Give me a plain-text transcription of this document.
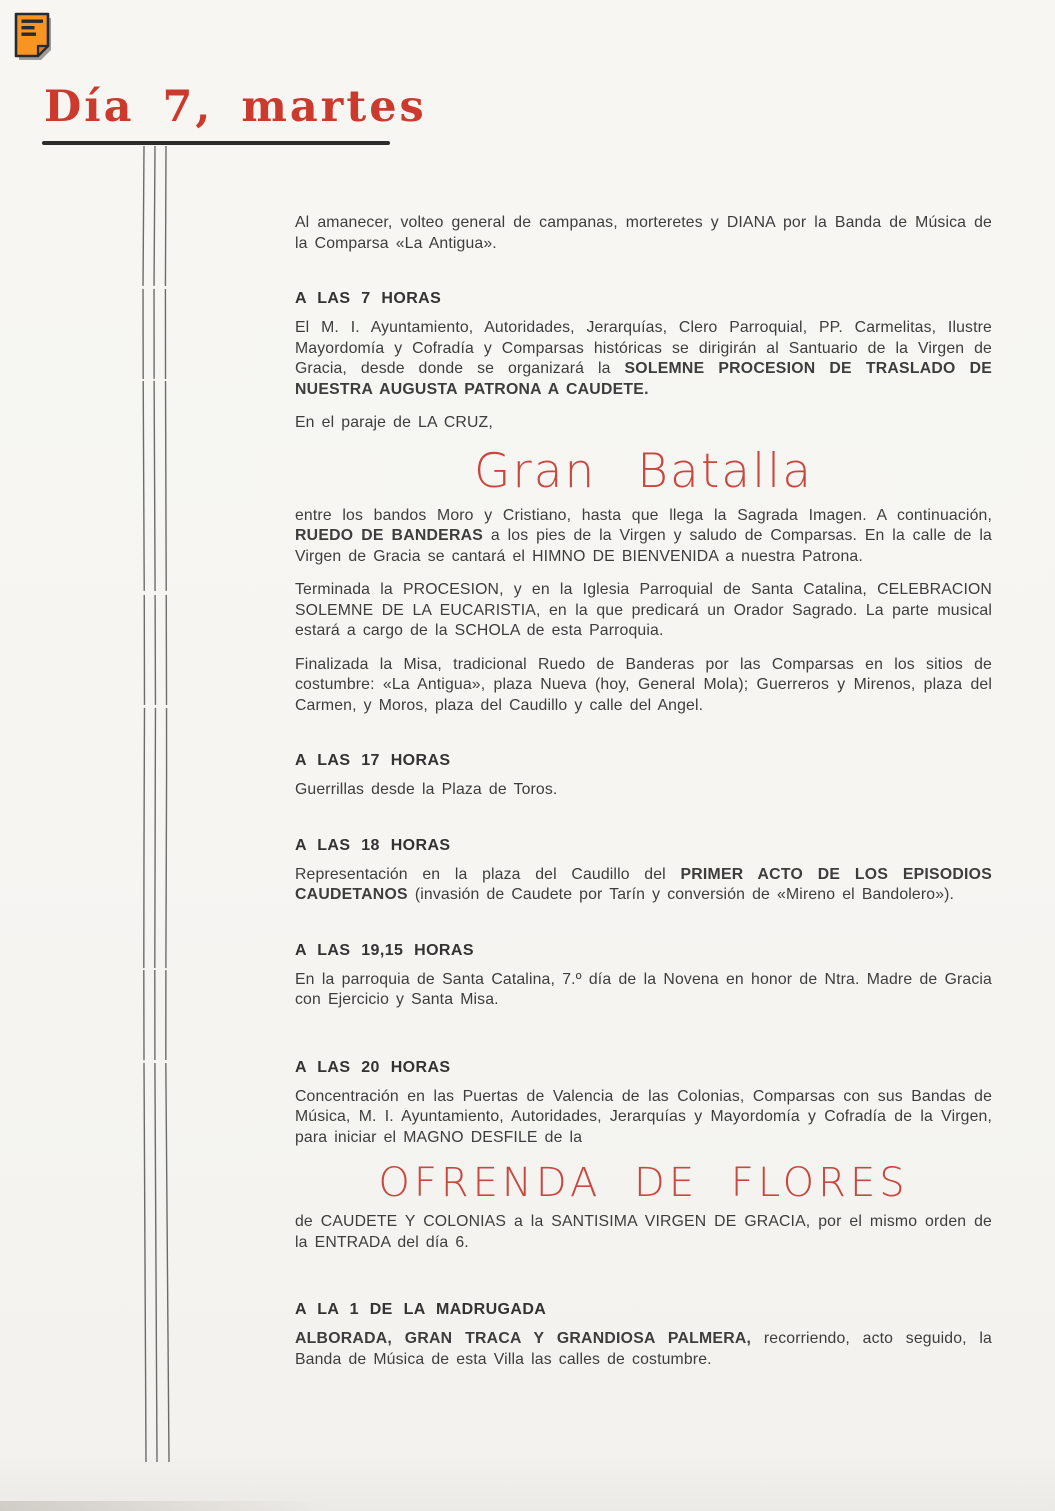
Día 7, martes

Al amanecer, volteo general de campanas, morteretes y DIANA por la Banda de Música de la Comparsa «La Antigua».

A LAS 7 HORAS

El M. I. Ayuntamiento, Autoridades, Jerarquías, Clero Parroquial, PP. Carmelitas, Ilustre Mayordomía y Cofradía y Comparsas históricas se dirigirán al Santuario de la Virgen de Gracia, desde donde se organizará la SOLEMNE PROCESION DE TRASLADO DE NUESTRA AUGUSTA PATRONA A CAUDETE.

En el paraje de LA CRUZ,

Gran Batalla

entre los bandos Moro y Cristiano, hasta que llega la Sagrada Imagen. A continuación, RUEDO DE BANDERAS a los pies de la Virgen y saludo de Comparsas. En la calle de la Virgen de Gracia se cantará el HIMNO DE BIENVENIDA a nuestra Patrona.

Terminada la PROCESION, y en la Iglesia Parroquial de Santa Catalina, CELEBRACION SOLEMNE DE LA EUCARISTIA, en la que predicará un Orador Sagrado. La parte musical estará a cargo de la SCHOLA de esta Parroquia.

Finalizada la Misa, tradicional Ruedo de Banderas por las Comparsas en los sitios de costumbre: «La Antigua», plaza Nueva (hoy, General Mola); Guerreros y Mirenos, plaza del Carmen, y Moros, plaza del Caudillo y calle del Angel.

A LAS 17 HORAS

Guerrillas desde la Plaza de Toros.

A LAS 18 HORAS

Representación en la plaza del Caudillo del PRIMER ACTO DE LOS EPISODIOS CAUDETANOS (invasión de Caudete por Tarín y conversión de «Mireno el Bandolero»).

A LAS 19,15 HORAS

En la parroquia de Santa Catalina, 7.º día de la Novena en honor de Ntra. Madre de Gracia con Ejercicio y Santa Misa.

A LAS 20 HORAS

Concentración en las Puertas de Valencia de las Colonias, Comparsas con sus Bandas de Música, M. I. Ayuntamiento, Autoridades, Jerarquías y Mayordomía y Cofradía de la Virgen, para iniciar el MAGNO DESFILE de la

OFRENDA DE FLORES

de CAUDETE Y COLONIAS a la SANTISIMA VIRGEN DE GRACIA, por el mismo orden de la ENTRADA del día 6.

A LA 1 DE LA MADRUGADA

ALBORADA, GRAN TRACA Y GRANDIOSA PALMERA, recorriendo, acto seguido, la Banda de Música de esta Villa las calles de costumbre.
